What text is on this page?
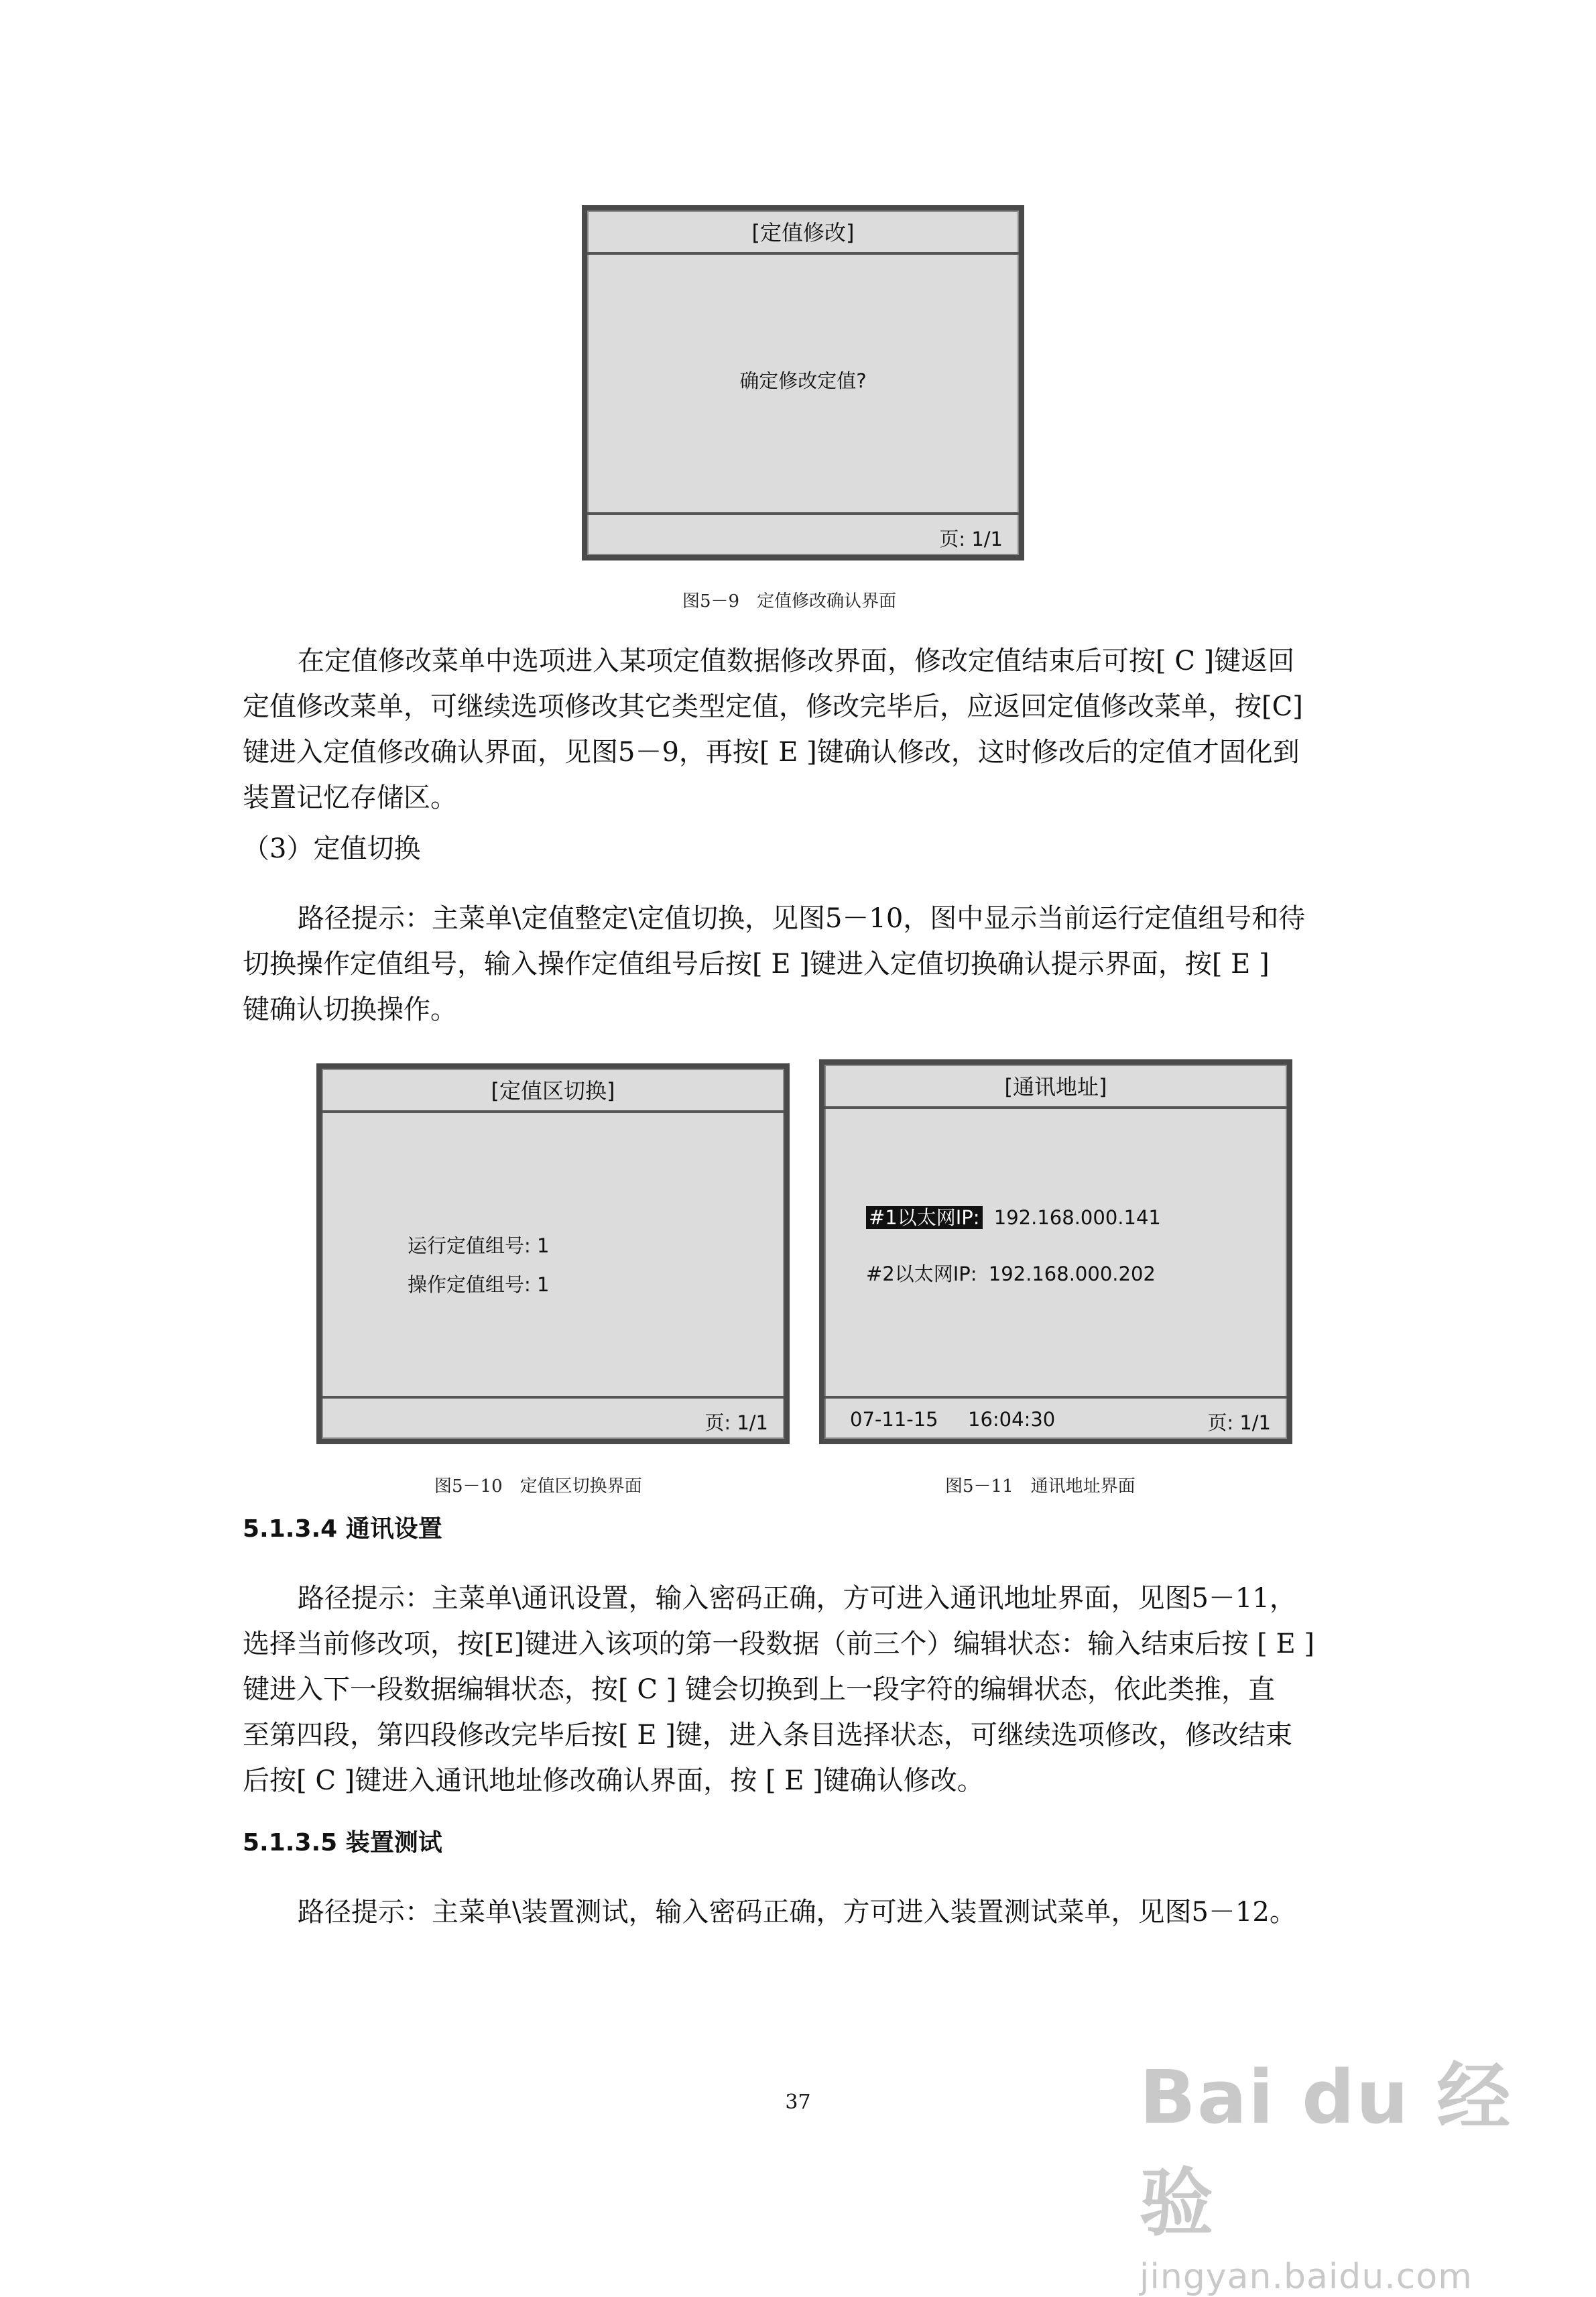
[定值修改]
确定修改定值?
页: 1/1
图5－9　定值修改确认界面
在定值修改菜单中选项进入某项定值数据修改界面，修改定值结束后可按[ C ]键返回
定值修改菜单，可继续选项修改其它类型定值，修改完毕后，应返回定值修改菜单，按[C]
键进入定值修改确认界面，见图5－9，再按[ E ]键确认修改，这时修改后的定值才固化到
装置记忆存储区。
（3）定值切换
路径提示：主菜单\定值整定\定值切换，见图5－10，图中显示当前运行定值组号和待
切换操作定值组号，输入操作定值组号后按[ E ]键进入定值切换确认提示界面，按[ E ]
键确认切换操作。
[定值区切换]
运行定值组号: 1
操作定值组号: 1
页: 1/1
图5－10　定值区切换界面
[通讯地址]
#1以太网IP: 192.168.000.141
#2以太网IP: 192.168.000.202
07-11-15 16:04:30	页: 1/1
图5－11　通讯地址界面
5.1.3.4 通讯设置
路径提示：主菜单\通讯设置，输入密码正确，方可进入通讯地址界面，见图5－11，
选择当前修改项，按[E]键进入该项的第一段数据（前三个）编辑状态：输入结束后按 [ E ]
键进入下一段数据编辑状态，按[ C ] 键会切换到上一段字符的编辑状态，依此类推，直
至第四段，第四段修改完毕后按[ E ]键，进入条目选择状态，可继续选项修改，修改结束
后按[ C ]键进入通讯地址修改确认界面，按 [ E ]键确认修改。
5.1.3.5 装置测试
路径提示：主菜单\装置测试，输入密码正确，方可进入装置测试菜单，见图5－12。
37	Bai du 经验
jingyan.baidu.com
